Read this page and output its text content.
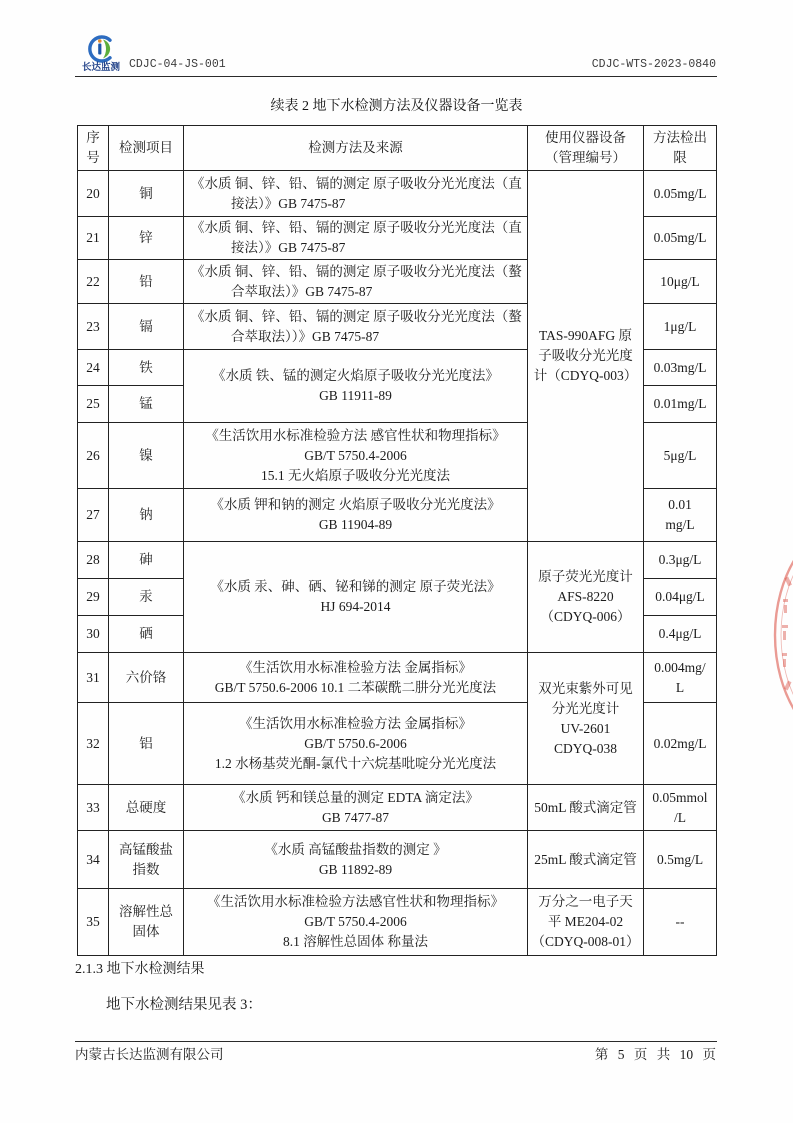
长达监测 CDJC-04-JS-001	CDJC-WTS-2023-0840
续表 2 地下水检测方法及仪器设备一览表
序
号	检测项目	检测方法及来源	使用仪器设备
（管理编号）	方法检出
限
20	铜	《水质 铜、锌、铅、镉的测定 原子吸收分光光度法（直
接法）》GB 7475-87	TAS-990AFG 原
子吸收分光光度
计（CDYQ-003）	0.05mg/L
21	锌	《水质 铜、锌、铅、镉的测定 原子吸收分光光度法（直
接法）》GB 7475-87		0.05mg/L
22	铅	《水质 铜、锌、铅、镉的测定 原子吸收分光光度法（螯
合萃取法）》GB 7475-87		10μg/L
23	镉	《水质 铜、锌、铅、镉的测定 原子吸收分光光度法（螯
合萃取法））》GB 7475-87		1μg/L
24	铁	《水质 铁、锰的测定火焰原子吸收分光光度法》
GB 11911-89		0.03mg/L
25	锰			0.01mg/L
26	镍	《生活饮用水标准检验方法 感官性状和物理指标》
GB/T 5750.4-2006
15.1 无火焰原子吸收分光光度法		5μg/L
27	钠	《水质 钾和钠的测定 火焰原子吸收分光光度法》
GB 11904-89		0.01
mg/L
28	砷	《水质 汞、砷、硒、铋和锑的测定 原子荧光法》
HJ 694-2014	原子荧光光度计
AFS-8220
（CDYQ-006）	0.3μg/L
29	汞			0.04μg/L
30	硒			0.4μg/L
31	六价铬	《生活饮用水标准检验方法 金属指标》
GB/T 5750.6-2006 10.1 二苯碳酰二肼分光光度法	双光束紫外可见
分光光度计
UV-2601
CDYQ-038	0.004mg/
L
32	铝	《生活饮用水标准检验方法 金属指标》
GB/T 5750.6-2006
1.2 水杨基荧光酮-氯代十六烷基吡啶分光光度法		0.02mg/L
33	总硬度	《水质 钙和镁总量的测定 EDTA 滴定法》
GB 7477-87	50mL 酸式滴定管	0.05mmol
/L
34	高锰酸盐
指数	《水质 高锰酸盐指数的测定 》
GB 11892-89	25mL 酸式滴定管	0.5mg/L
35	溶解性总
固体	《生活饮用水标准检验方法感官性状和物理指标》
GB/T 5750.4-2006
8.1 溶解性总固体 称量法	万分之一电子天
平 ME204-02
（CDYQ-008-01）	--
2.1.3 地下水检测结果
地下水检测结果见表 3：
内蒙古长达监测有限公司	第 5 页 共 10 页
